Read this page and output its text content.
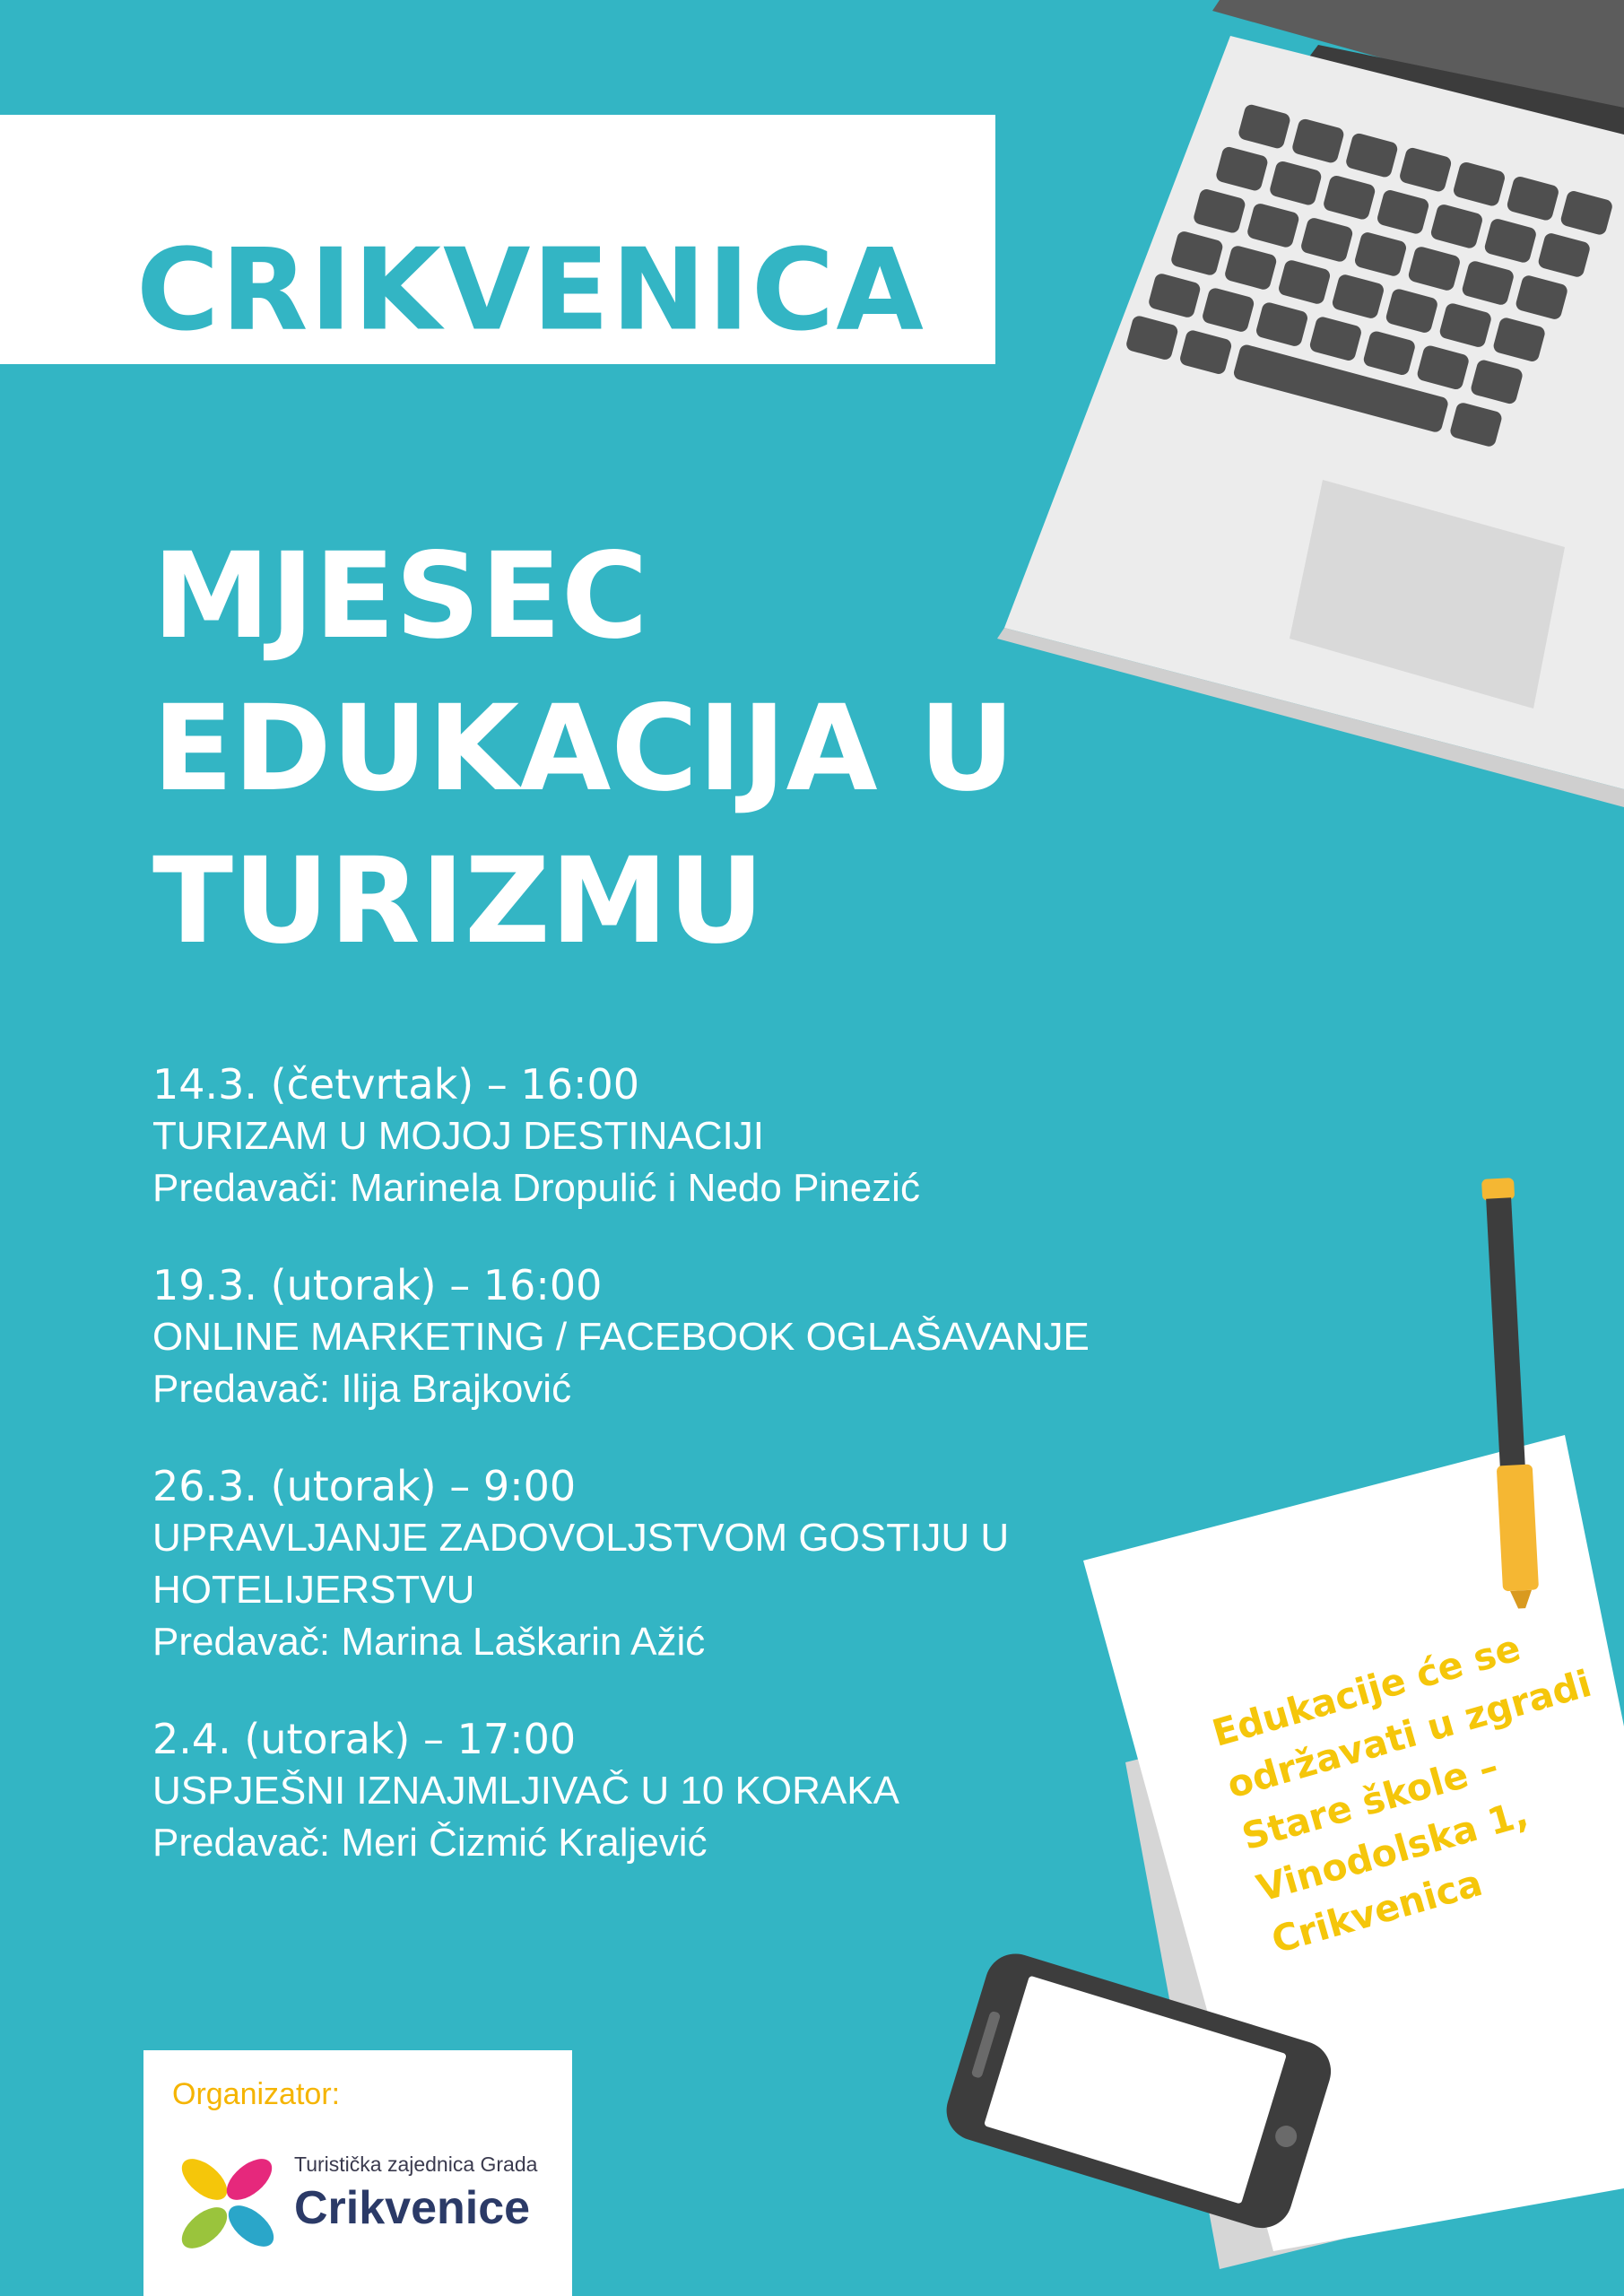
CRIKVENICA
MJESEC
EDUKACIJA U
TURIZMU
14.3. (četvrtak) – 16:00
TURIZAM U MOJOJ DESTINACIJI
Predavači: Marinela Dropulić i Nedo Pinezić
19.3. (utorak) – 16:00
ONLINE MARKETING / FACEBOOK OGLAŠAVANJE
Predavač: Ilija Brajković
26.3. (utorak) – 9:00
UPRAVLJANJE ZADOVOLJSTVOM GOSTIJU U HOTELIJERSTVU
Predavač: Marina Laškarin Ažić
2.4. (utorak) – 17:00
USPJEŠNI IZNAJMLJIVAČ U 10 KORAKA
Predavač: Meri Čizmić Kraljević
Edukacije će se održavati u zgradi Stare škole – Vinodolska 1, Crikvenica
Organizator:
Turistička zajednica Grada
Crikvenice
